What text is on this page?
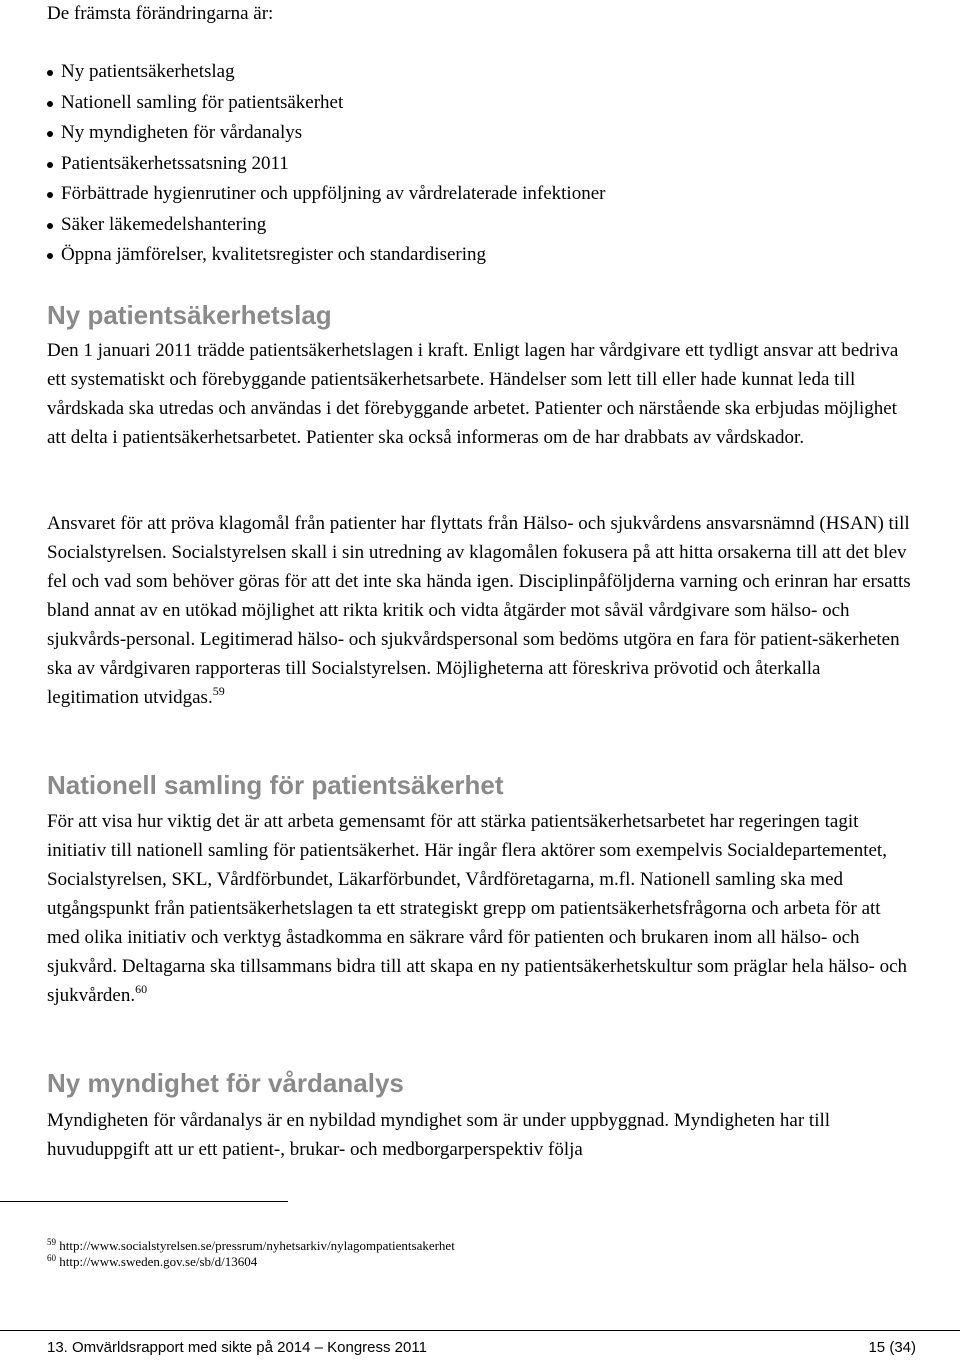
De främsta förändringarna är:

Ny patientsäkerhetslag
Nationell samling för patientsäkerhet
Ny myndigheten för vårdanalys
Patientsäkerhetssatsning 2011
Förbättrade hygienrutiner och uppföljning av vårdrelaterade infektioner
Säker läkemedelshantering
Öppna jämförelser, kvalitetsregister och standardisering
Ny patientsäkerhetslag

Den 1 januari 2011 trädde patientsäkerhetslagen i kraft. Enligt lagen har vårdgivare ett tydligt ansvar att bedriva ett systematiskt och förebyggande patientsäkerhetsarbete. Händelser som lett till eller hade kunnat leda till vårdskada ska utredas och användas i det förebyggande arbetet. Patienter och närstående ska erbjudas möjlighet att delta i patientsäkerhetsarbetet. Patienter ska också informeras om de har drabbats av vårdskador.

Ansvaret för att pröva klagomål från patienter har flyttats från Hälso- och sjukvårdens ansvarsnämnd (HSAN) till Socialstyrelsen. Socialstyrelsen skall i sin utredning av klagomålen fokusera på att hitta orsakerna till att det blev fel och vad som behöver göras för att det inte ska hända igen. Disciplinpåföljderna varning och erinran har ersatts bland annat av en utökad möjlighet att rikta kritik och vidta åtgärder mot såväl vårdgivare som hälso- och sjukvårds-personal. Legitimerad hälso- och sjukvårdspersonal som bedöms utgöra en fara för patient-säkerheten ska av vårdgivaren rapporteras till Socialstyrelsen. Möjligheterna att föreskriva prövotid och återkalla legitimation utvidgas.$^{59}$

Nationell samling för patientsäkerhet

För att visa hur viktig det är att arbeta gemensamt för att stärka patientsäkerhetsarbetet har regeringen tagit initiativ till nationell samling för patientsäkerhet. Här ingår flera aktörer som exempelvis Socialdepartementet, Socialstyrelsen, SKL, Vårdförbundet, Läkarförbundet, Vårdföretagarna, m.fl. Nationell samling ska med utgångspunkt från patientsäkerhetslagen ta ett strategiskt grepp om patientsäkerhetsfrågorna och arbeta för att med olika initiativ och verktyg åstadkomma en säkrare vård för patienten och brukaren inom all hälso- och sjukvård. Deltagarna ska tillsammans bidra till att skapa en ny patientsäkerhetskultur som präglar hela hälso- och sjukvården.$^{60}$

Ny myndighet för vårdanalys

Myndigheten för vårdanalys är en nybildad myndighet som är under uppbyggnad. Myndigheten har till huvuduppgift att ur ett patient-, brukar- och medborgarperspektiv följa

$^{59}$ http://www.socialstyrelsen.se/pressrum/nyhetsarkiv/nylagompatientsakerhet
$^{60}$ http://www.sweden.gov.se/sb/d/13604
13. Omvärldsrapport med sikte på 2014 – Kongress 2011	15 (34)
